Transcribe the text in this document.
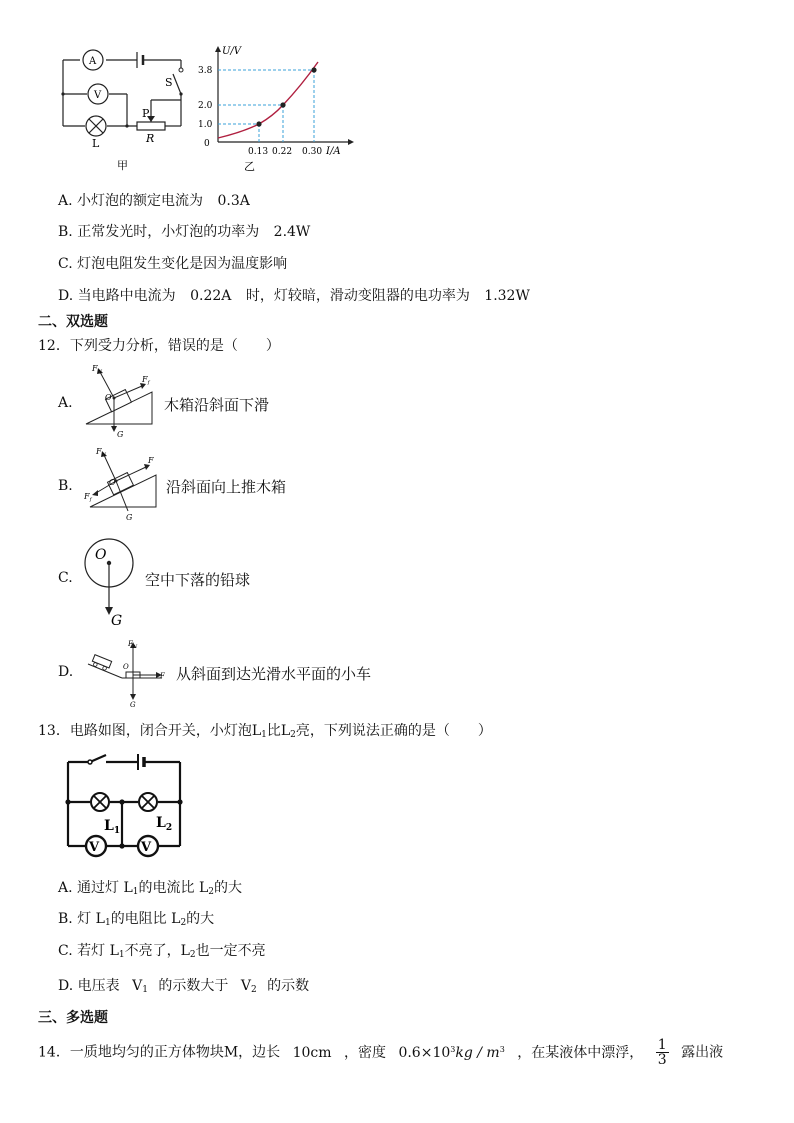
A
V
L
S
P
R
甲
U/V
I/A
0
3.8
2.0
1.0
0.13 0.22 0.30
乙
A. 小灯泡的额定电流为 0.3A
B. 正常发光时，小灯泡的功率为 2.4W
C. 灯泡电阻发生变化是因为温度影响
D. 当电路中电流为 0.22A 时，灯较暗，滑动变阻器的电功率为 1.32W
二、双选题
12．下列受力分析，错误的是（　　）
A.
$F_N$
$F_f$
O
G
木箱沿斜面下滑
B.
$F_N$
F
$F_f$
O
G
沿斜面向上推木箱
C.
O
G
空中下落的铅球
D.
$F_N$
F
O
G
从斜面到达光滑水平面的小车
13．电路如图，闭合开关，小灯泡$L_1$比$L_2$亮，下列说法正确的是（　　）
V	V
$L_1$	$L_2$
A. 通过灯 $L_1$的电流比 $L_2$的大
B. 灯 $L_1$的电阻比 $L_2$的大
C. 若灯 $L_1$不亮了，$L_2$也一定不亮
D. 电压表 $V_1$ 的示数大于 $V_2$ 的示数
三、多选题
14．一质地均匀的正方体物块M，边长 10cm ，密度 $0.6\times 10^3kg / m^3$ ，在某液体中漂浮， $\frac{1}{3}$ 露出液
